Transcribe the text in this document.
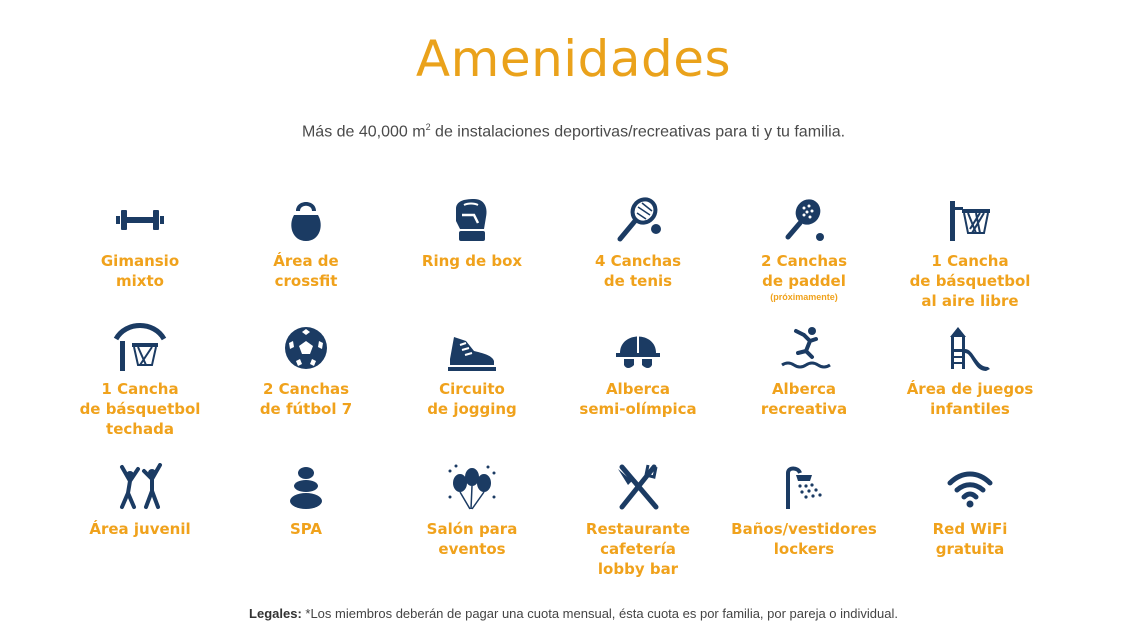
Amenidades
Más de 40,000 $m^2$ de instalaciones deportivas/recreativas para ti y tu familia.
Gimansio
mixto
Área de
crossfit
Ring de box	4 Canchas
de tenis
2 Canchas
de paddel
(próximamente)
1 Cancha
de básquetbol
al aire libre
1 Cancha
de básquetbol
techada
2 Canchas
de fútbol 7
Circuito
de jogging
Alberca
semi-olímpica
Alberca
recreativa
Área de juegos
infantiles
Área juvenil	SPA	Salón para
eventos
Restaurante
cafetería
lobby bar
Baños/vestidores
lockers
Red WiFi
gratuita
Legales: *Los miembros deberán de pagar una cuota mensual, ésta cuota es por familia, por pareja o individual.
